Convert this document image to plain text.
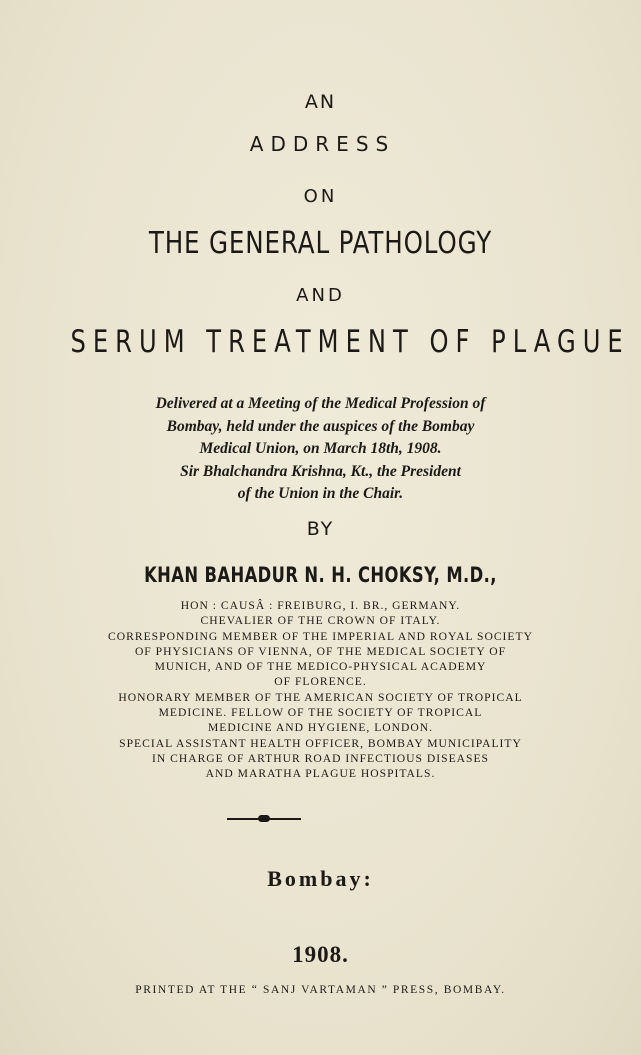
AN
ADDRESS
ON
THE GENERAL PATHOLOGY
AND
SERUM TREATMENT OF PLAGUE
Delivered at a Meeting of the Medical Profession of
Bombay, held under the auspices of the Bombay
Medical Union, on March 18th, 1908.
Sir Bhalchandra Krishna, Kt., the President
of the Union in the Chair.
BY
KHAN BAHADUR N. H. CHOKSY, M.D.,
HON : CAUSÂ : FREIBURG, I. BR., GERMANY.
CHEVALIER OF THE CROWN OF ITALY.
CORRESPONDING MEMBER OF THE IMPERIAL AND ROYAL SOCIETY
OF PHYSICIANS OF VIENNA, OF THE MEDICAL SOCIETY OF
MUNICH, AND OF THE MEDICO-PHYSICAL ACADEMY
OF FLORENCE.
HONORARY MEMBER OF THE AMERICAN SOCIETY OF TROPICAL
MEDICINE. FELLOW OF THE SOCIETY OF TROPICAL
MEDICINE AND HYGIENE, LONDON.
SPECIAL ASSISTANT HEALTH OFFICER, BOMBAY MUNICIPALITY
IN CHARGE OF ARTHUR ROAD INFECTIOUS DISEASES
AND MARATHA PLAGUE HOSPITALS.
Bombay:
1908.
PRINTED AT THE “ SANJ VARTAMAN ” PRESS, BOMBAY.
